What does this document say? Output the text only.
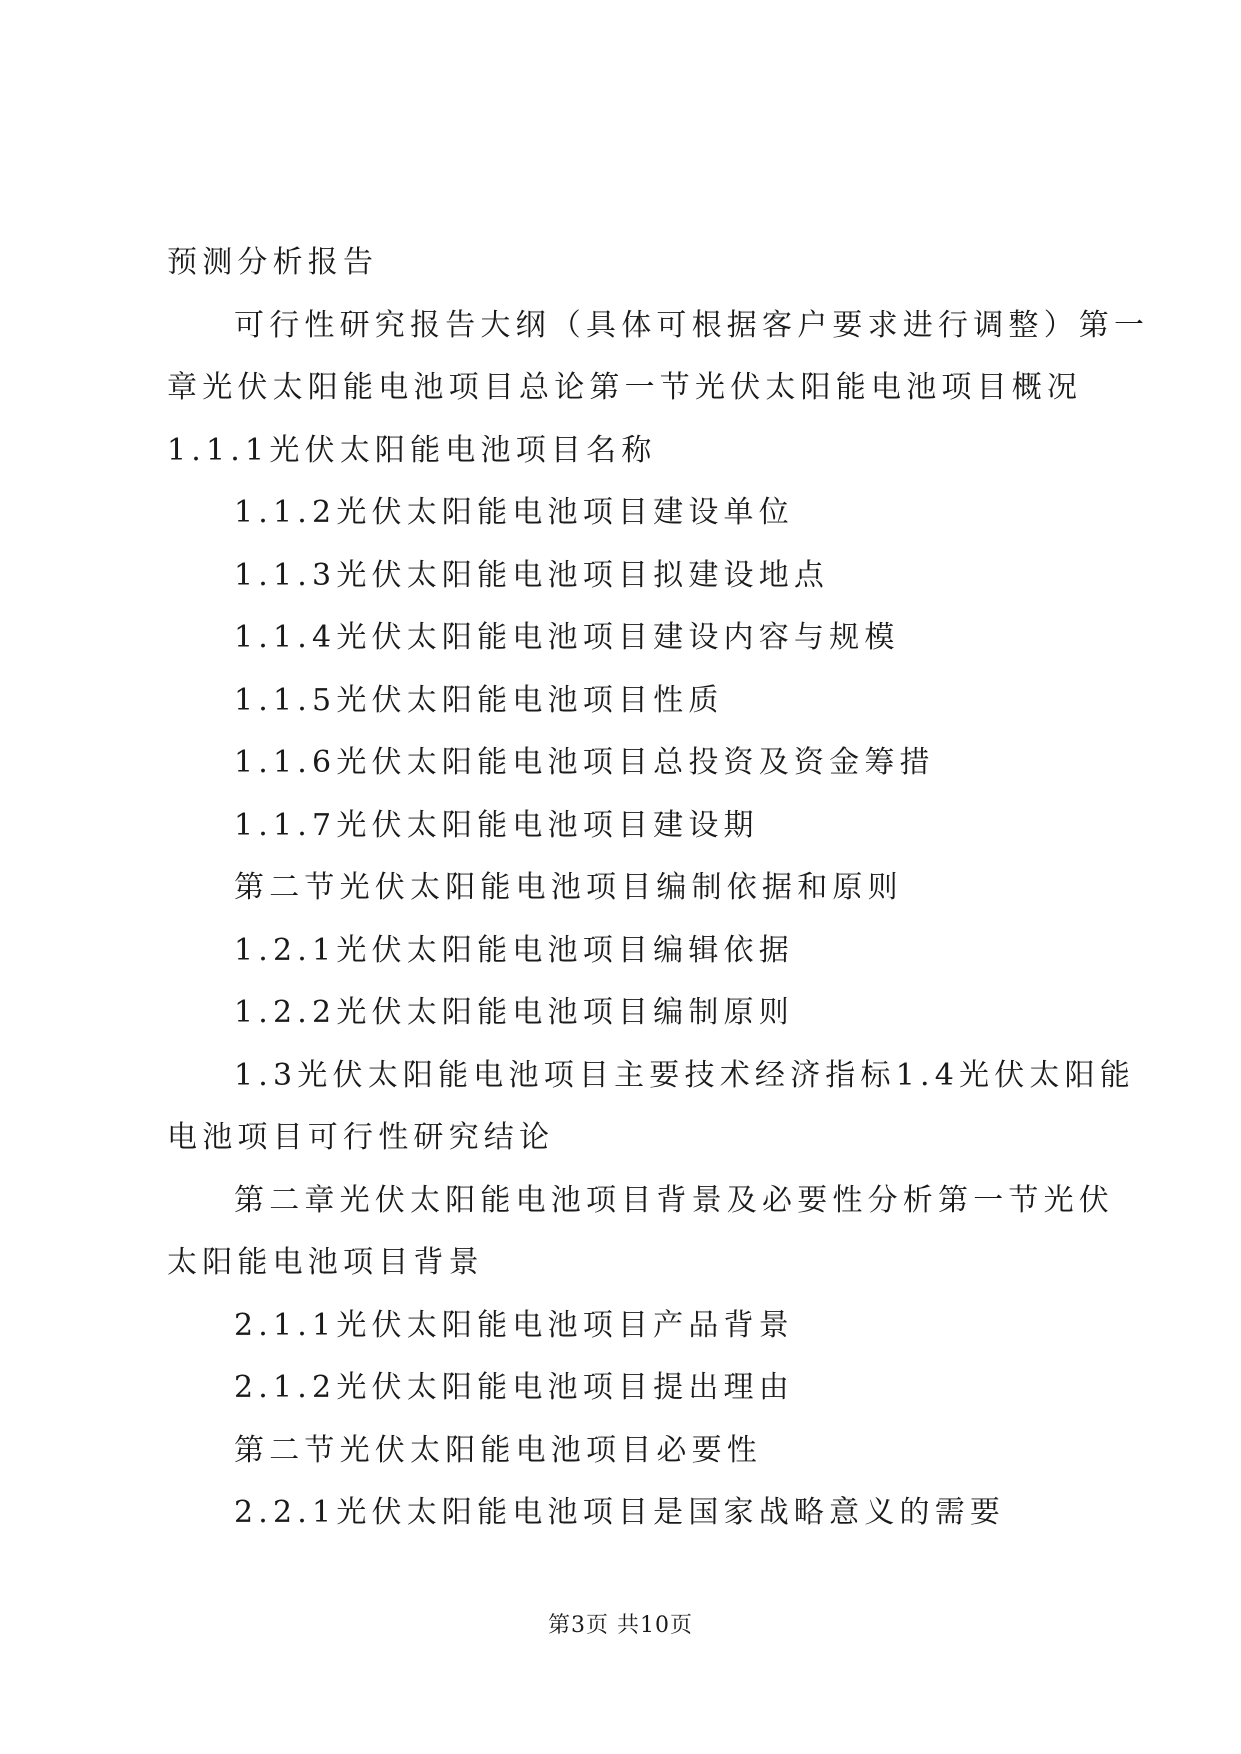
预测分析报告

可行性研究报告大纲（具体可根据客户要求进行调整）第一

章光伏太阳能电池项目总论第一节光伏太阳能电池项目概况

1.1.1光伏太阳能电池项目名称

1.1.2光伏太阳能电池项目建设单位

1.1.3光伏太阳能电池项目拟建设地点

1.1.4光伏太阳能电池项目建设内容与规模

1.1.5光伏太阳能电池项目性质

1.1.6光伏太阳能电池项目总投资及资金筹措

1.1.7光伏太阳能电池项目建设期

第二节光伏太阳能电池项目编制依据和原则

1.2.1光伏太阳能电池项目编辑依据

1.2.2光伏太阳能电池项目编制原则

1.3光伏太阳能电池项目主要技术经济指标1.4光伏太阳能

电池项目可行性研究结论

第二章光伏太阳能电池项目背景及必要性分析第一节光伏

太阳能电池项目背景

2.1.1光伏太阳能电池项目产品背景

2.1.2光伏太阳能电池项目提出理由

第二节光伏太阳能电池项目必要性

2.2.1光伏太阳能电池项目是国家战略意义的需要

第3页 共10页
